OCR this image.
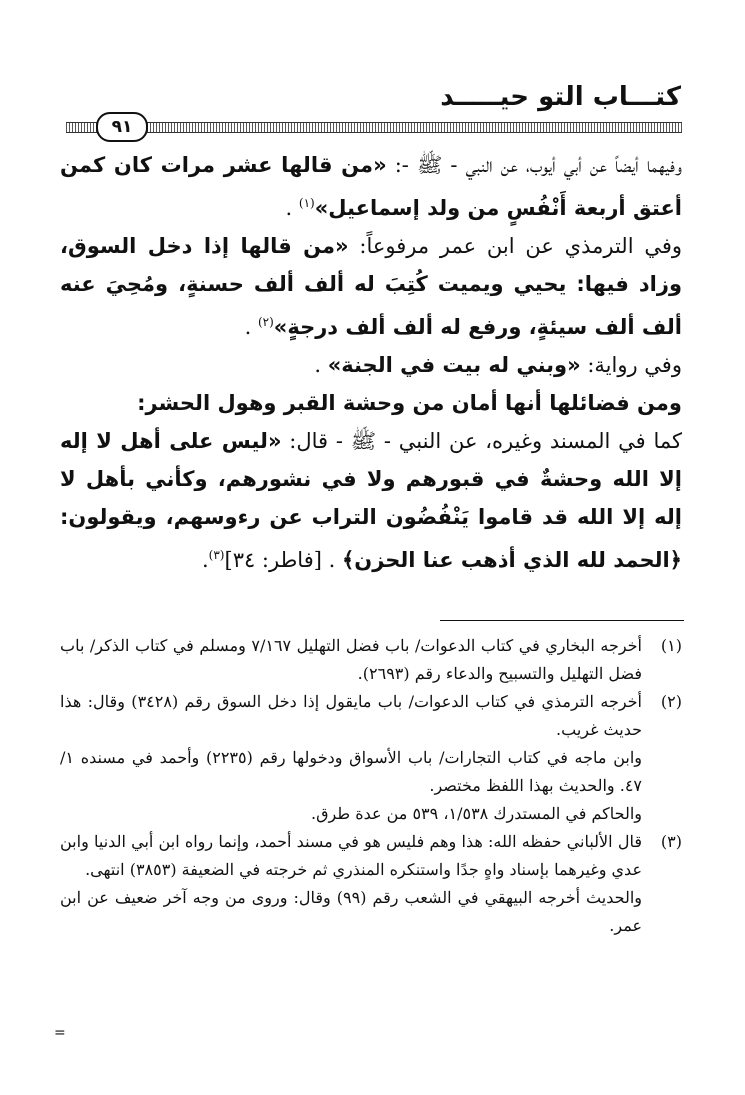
كتـــاب التو حيـــــد
٩١

وفيهما أيضاً عن أبي أيوب، عن النبي - ﷺ -: «من قالها عشر مرات كان كمن أعتق أربعة أَنْفُسٍ من ولد إسماعيل»$^{(١)}$ .

وفي الترمذي عن ابن عمر مرفوعاً: «من قالها إذا دخل السوق، وزاد فيها: يحيي ويميت كُتِبَ له ألف ألف حسنةٍ، ومُحِيَ عنه ألف ألف سيئةٍ، ورفع له ألف ألف درجةٍ»$^{(٢)}$ .

وفي رواية: «وبني له بيت في الجنة» .

ومن فضائلها أنها أمان من وحشة القبر وهول الحشر:

كما في المسند وغيره، عن النبي - ﷺ - قال: «ليس على أهل لا إله إلا الله وحشةٌ في قبورهم ولا في نشورهم، وكأني بأهل لا إله إلا الله قد قاموا يَنْفُضُون التراب عن رءوسهم، ويقولون: ﴿الحمد لله الذي أذهب عنا الحزن﴾ . [فاطر: ٣٤]$^{(٣)}$.

(١)
أخرجه البخاري في كتاب الدعوات/ باب فضل التهليل ٧/١٦٧ ومسلم في كتاب الذكر/ باب فضل التهليل والتسبيح والدعاء رقم (٢٦٩٣).
(٢)
أخرجه الترمذي في كتاب الدعوات/ باب مايقول إذا دخل السوق رقم (٣٤٢٨) وقال: هذا حديث غريب.
وابن ماجه في كتاب التجارات/ باب الأسواق ودخولها رقم (٢٢٣٥) وأحمد في مسنده ١/ ٤٧. والحديث بهذا اللفظ مختصر.
والحاكم في المستدرك ١/٥٣٨، ٥٣٩ من عدة طرق.
(٣)
قال الألباني حفظه الله: هذا وهم فليس هو في مسند أحمد، وإنما رواه ابن أبي الدنيا وابن عدي وغيرهما بإسناد واهٍ جدًا واستنكره المنذري ثم خرجته في الضعيفة (٣٨٥٣) انتهى.
والحديث أخرجه البيهقي في الشعب رقم (٩٩) وقال: وروى من وجه آخر ضعيف عن ابن عمر.
=
